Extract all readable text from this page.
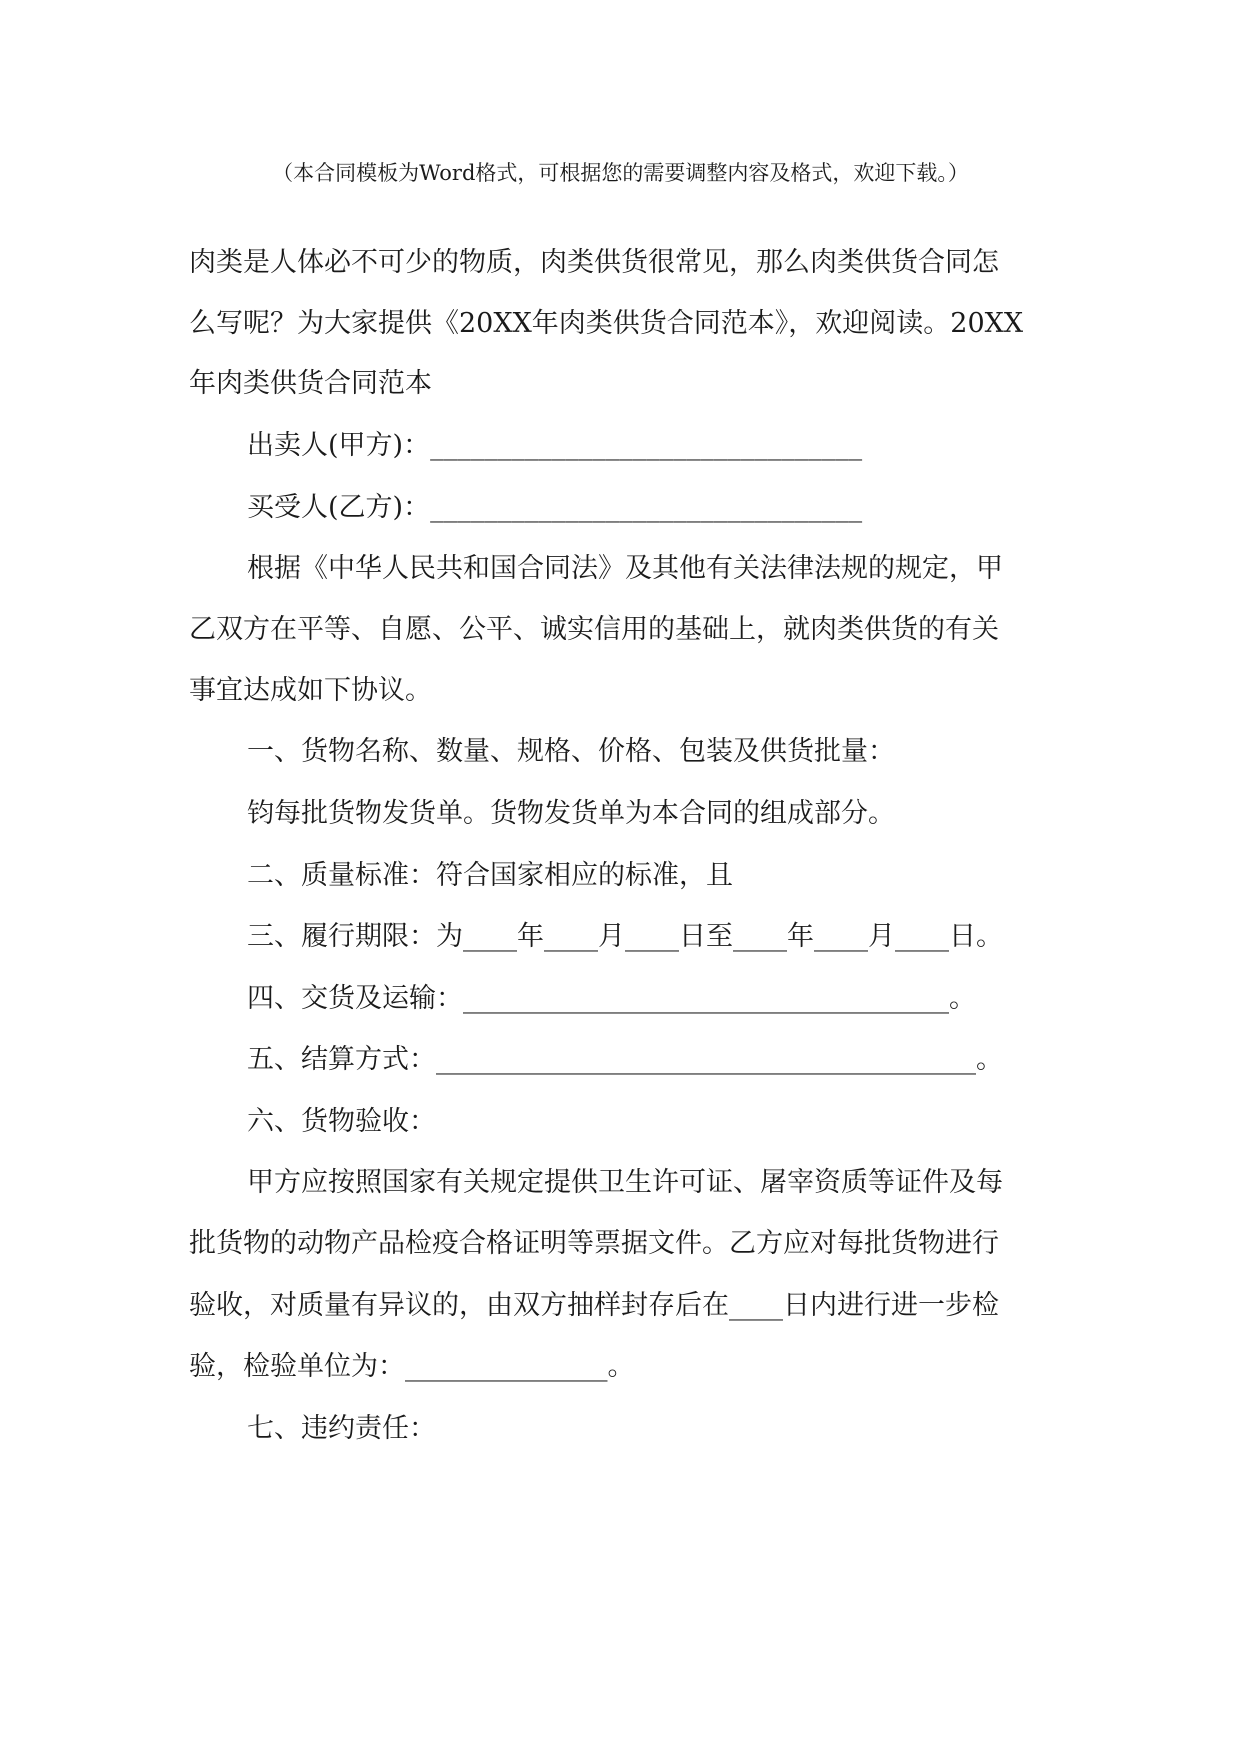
（本合同模板为Word格式，可根据您的需要调整内容及格式，欢迎下载。）
肉类是人体必不可少的物质，肉类供货很常见，那么肉类供货合同怎
么写呢？为大家提供《20XX年肉类供货合同范本》，欢迎阅读。20XX
年肉类供货合同范本
出卖人(甲方)：________________________________
买受人(乙方)：________________________________
根据《中华人民共和国合同法》及其他有关法律法规的规定，甲
乙双方在平等、自愿、公平、诚实信用的基础上，就肉类供货的有关
事宜达成如下协议。
一、货物名称、数量、规格、价格、包装及供货批量：
钧每批货物发货单。货物发货单为本合同的组成部分。
二、质量标准：符合国家相应的标准，且
三、履行期限：为____年____月____日至____年____月____日。
四、交货及运输：____________________________________。
五、结算方式：________________________________________。
六、货物验收：
甲方应按照国家有关规定提供卫生许可证、屠宰资质等证件及每
批货物的动物产品检疫合格证明等票据文件。乙方应对每批货物进行
验收，对质量有异议的，由双方抽样封存后在____日内进行进一步检
验，检验单位为：_______________。
七、违约责任：
